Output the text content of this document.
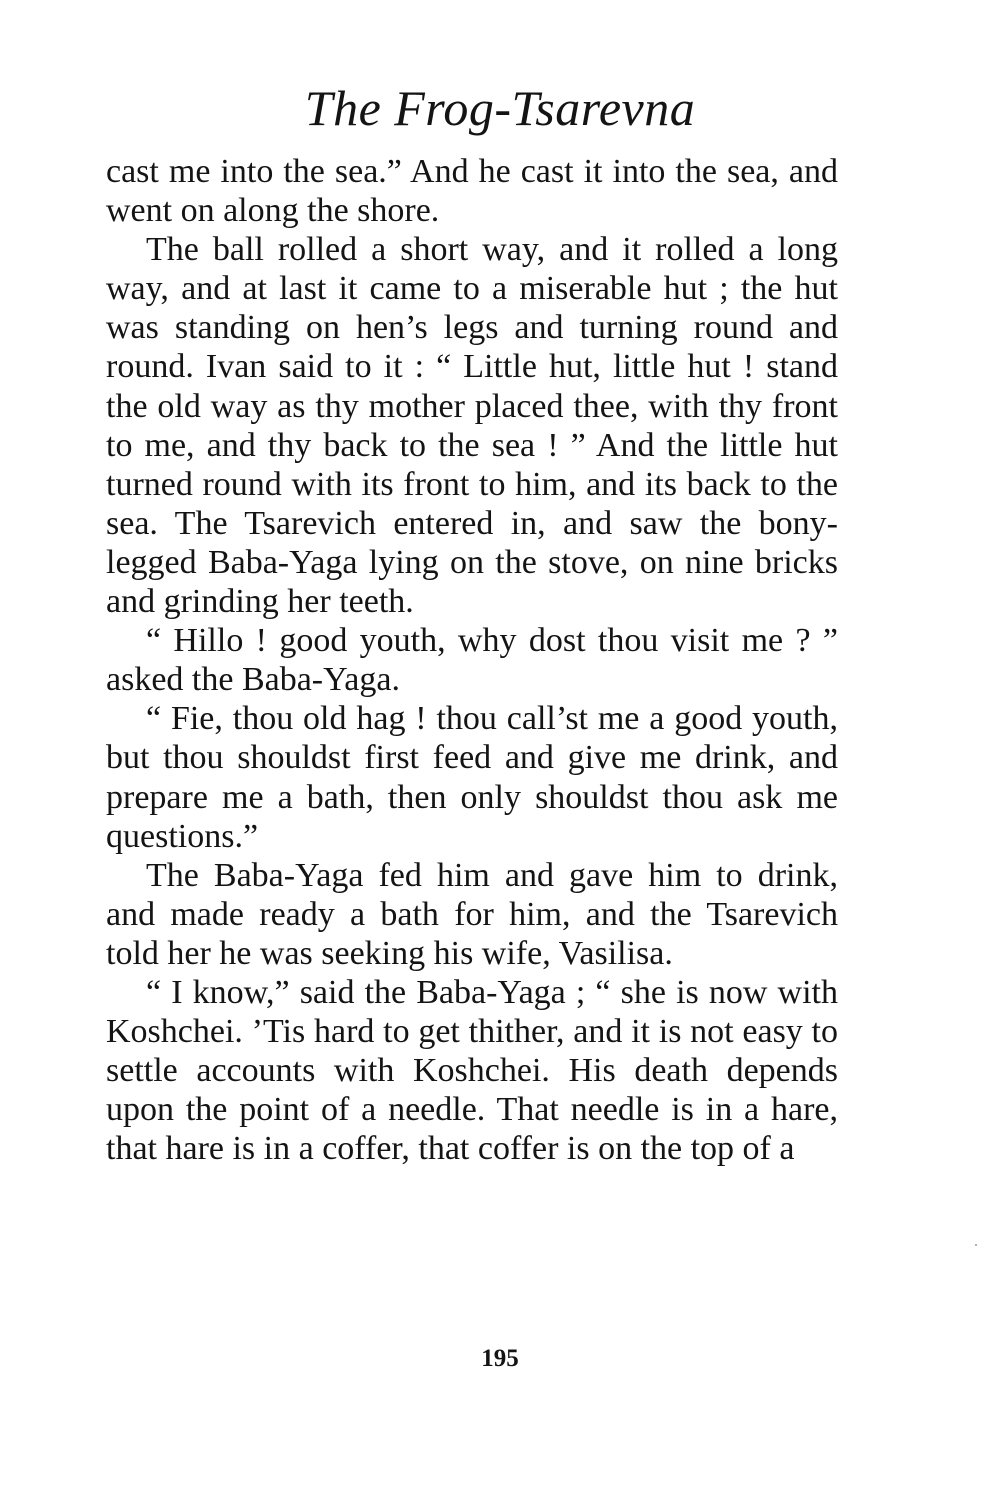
The Frog-Tsarevna

cast me into the sea.” And he cast it into the sea, and went on along the shore.

The ball rolled a short way, and it rolled a long way, and at last it came to a miserable hut ; the hut was standing on hen’s legs and turning round and round. Ivan said to it : “ Little hut, little hut ! stand the old way as thy mother placed thee, with thy front to me, and thy back to the sea ! ” And the little hut turned round with its front to him, and its back to the sea. The Tsarevich entered in, and saw the bony-legged Baba-Yaga lying on the stove, on nine bricks and grinding her teeth.

“ Hillo ! good youth, why dost thou visit me ? ” asked the Baba-Yaga.

“ Fie, thou old hag ! thou call’st me a good youth, but thou shouldst first feed and give me drink, and prepare me a bath, then only shouldst thou ask me questions.”

The Baba-Yaga fed him and gave him to drink, and made ready a bath for him, and the Tsarevich told her he was seeking his wife, Vasilisa.

“ I know,” said the Baba-Yaga ; “ she is now with Koshchei. ’Tis hard to get thither, and it is not easy to settle accounts with Koshchei. His death depends upon the point of a needle. That needle is in a hare, that hare is in a coffer, that coffer is on the top of a

195
